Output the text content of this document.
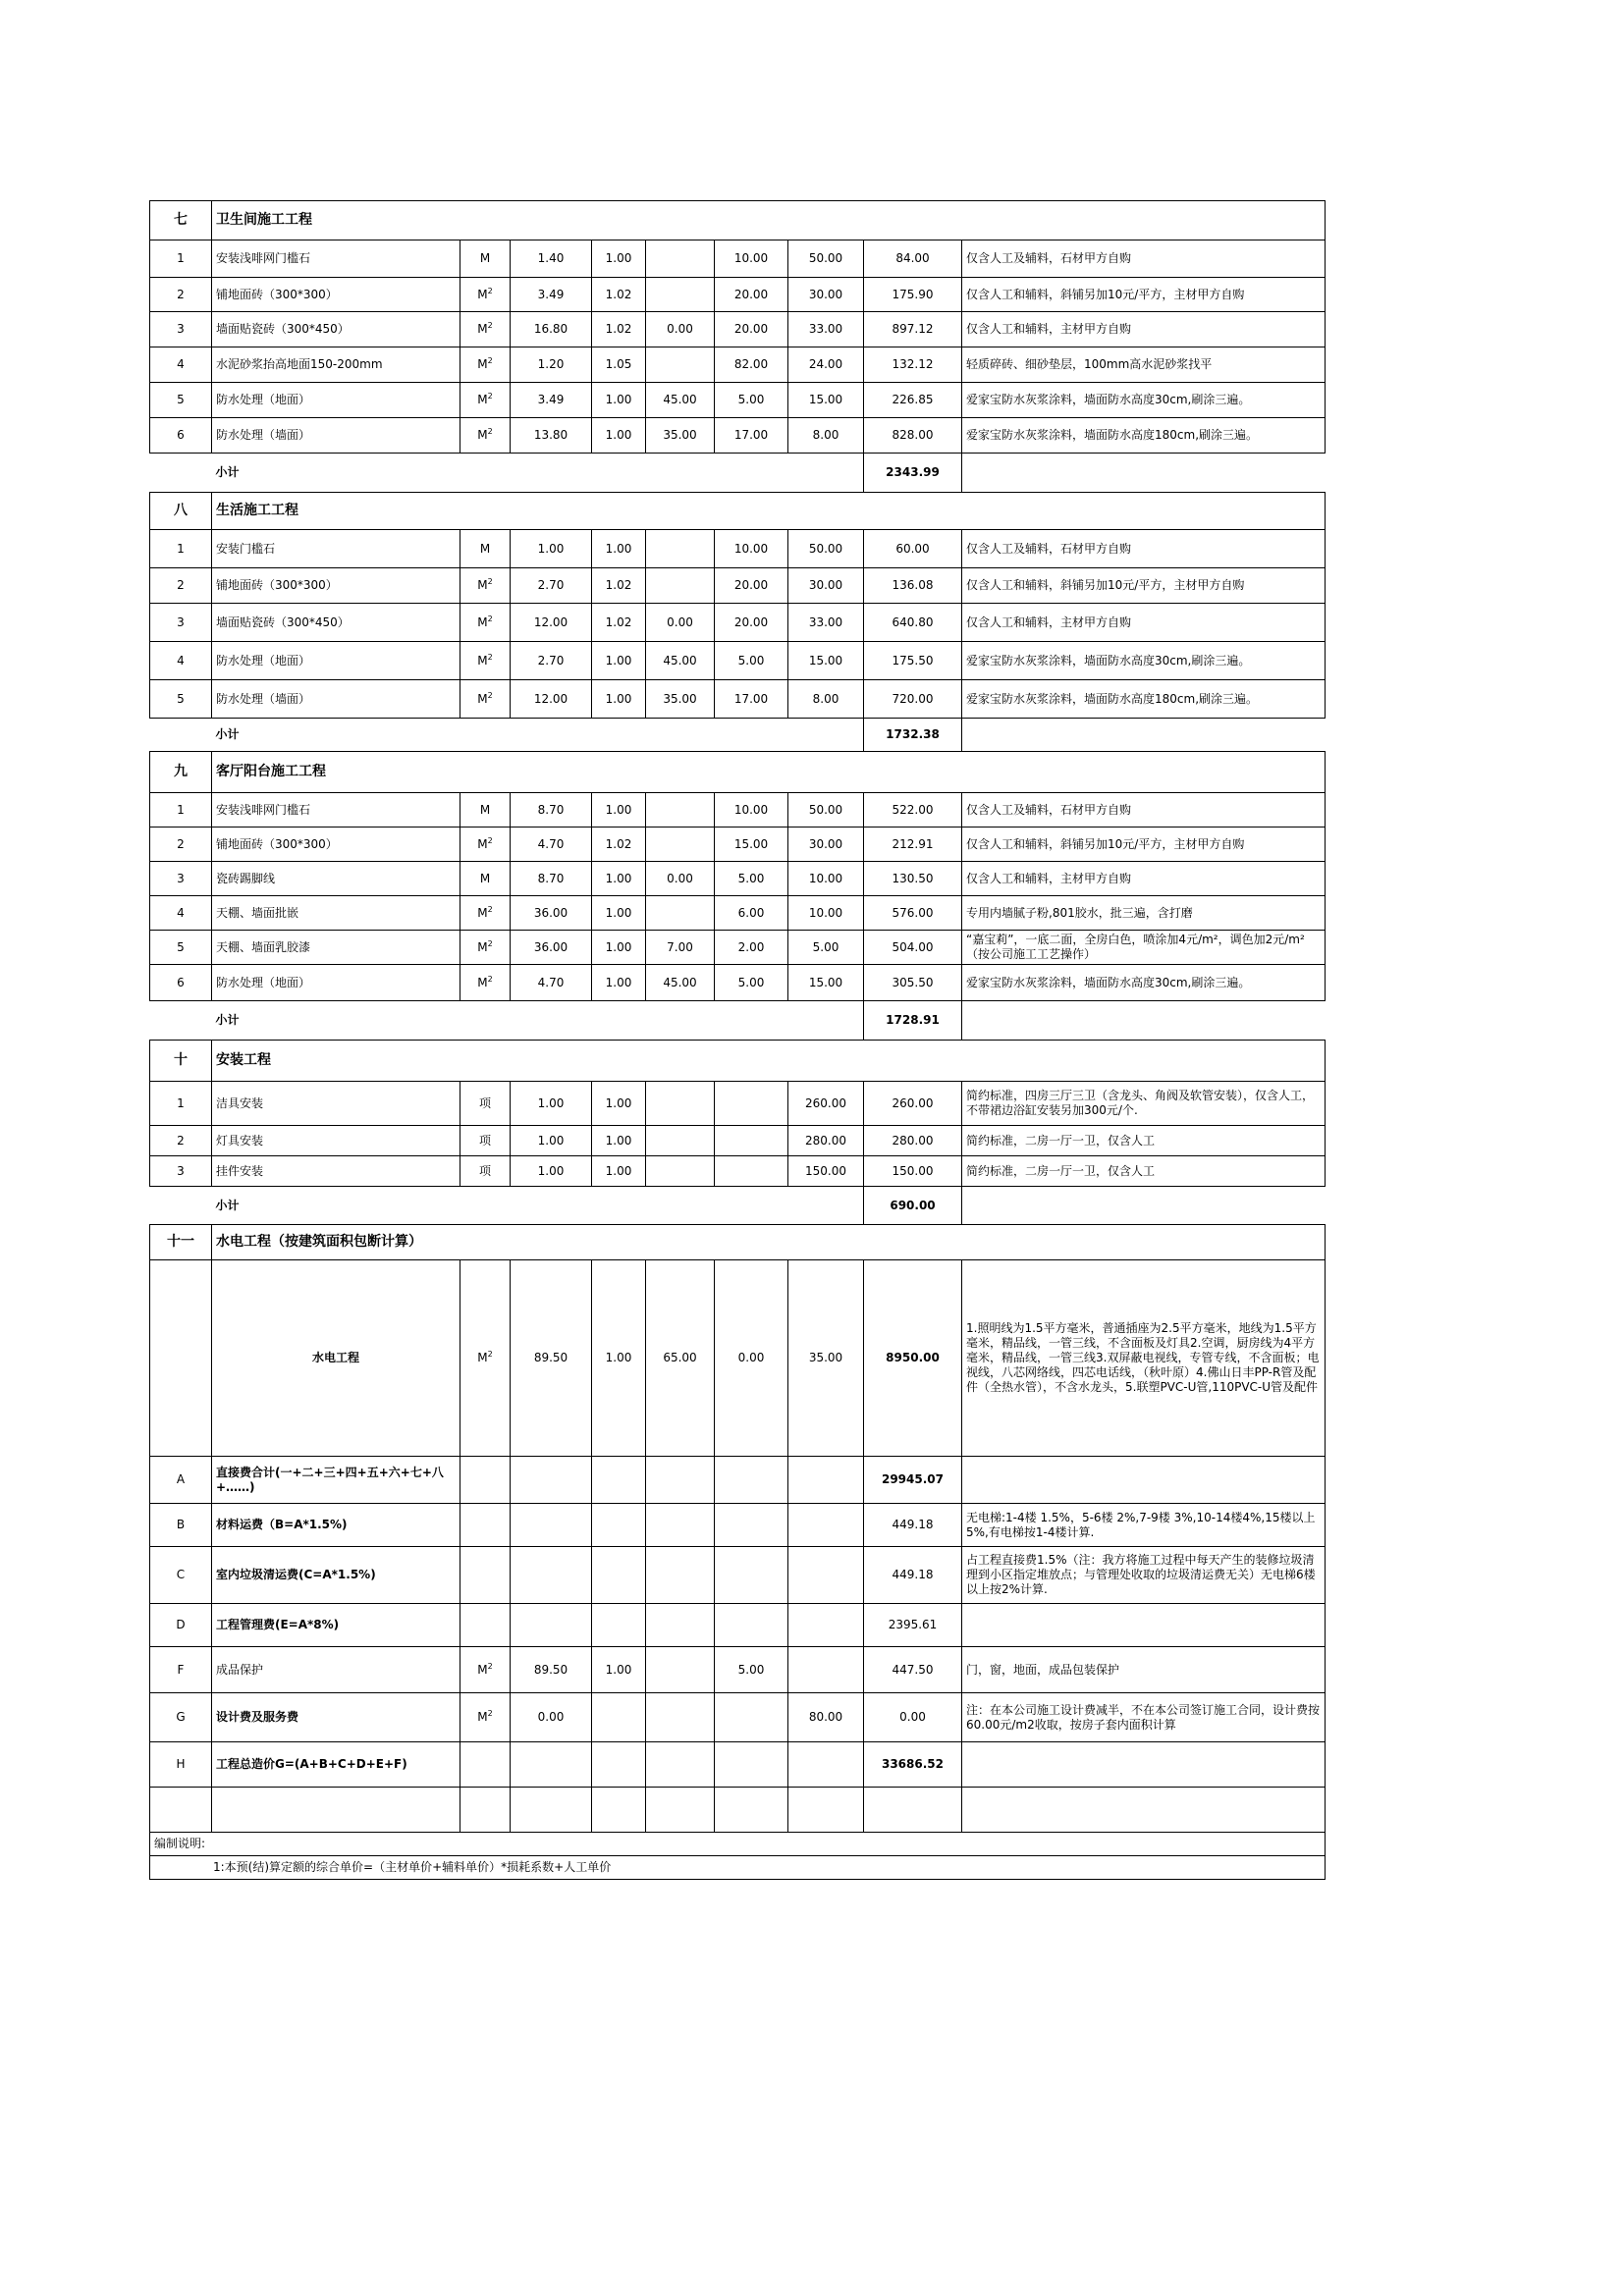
七	卫生间施工工程								
1	安装浅啡网门槛石	M	1.40	1.00		10.00	50.00	84.00	仅含人工及辅料，石材甲方自购
2	铺地面砖（300*300）	$M^2$	3.49	1.02		20.00	30.00	175.90	仅含人工和辅料，斜铺另加10元/平方，主材甲方自购
3	墙面贴瓷砖（300*450）	$M^2$	16.80	1.02	0.00	20.00	33.00	897.12	仅含人工和辅料，主材甲方自购
4	水泥砂浆抬高地面150-200mm	$M^2$	1.20	1.05		82.00	24.00	132.12	轻质碎砖、细砂垫层，100mm高水泥砂浆找平
5	防水处理（地面）	$M^2$	3.49	1.00	45.00	5.00	15.00	226.85	爱家宝防水灰浆涂料，墙面防水高度30cm,刷涂三遍。
6	防水处理（墙面）	$M^2$	13.80	1.00	35.00	17.00	8.00	828.00	爱家宝防水灰浆涂料，墙面防水高度180cm,刷涂三遍。
	小计							2343.99	
八	生活施工工程								
1	安装门槛石	M	1.00	1.00		10.00	50.00	60.00	仅含人工及辅料，石材甲方自购
2	铺地面砖（300*300）	$M^2$	2.70	1.02		20.00	30.00	136.08	仅含人工和辅料，斜铺另加10元/平方，主材甲方自购
3	墙面贴瓷砖（300*450）	$M^2$	12.00	1.02	0.00	20.00	33.00	640.80	仅含人工和辅料，主材甲方自购
4	防水处理（地面）	$M^2$	2.70	1.00	45.00	5.00	15.00	175.50	爱家宝防水灰浆涂料，墙面防水高度30cm,刷涂三遍。
5	防水处理（墙面）	$M^2$	12.00	1.00	35.00	17.00	8.00	720.00	爱家宝防水灰浆涂料，墙面防水高度180cm,刷涂三遍。
	小计							1732.38	
九	客厅阳台施工工程								
1	安装浅啡网门槛石	M	8.70	1.00		10.00	50.00	522.00	仅含人工及辅料，石材甲方自购
2	铺地面砖（300*300）	$M^2$	4.70	1.02		15.00	30.00	212.91	仅含人工和辅料，斜铺另加10元/平方，主材甲方自购
3	瓷砖踢脚线	M	8.70	1.00	0.00	5.00	10.00	130.50	仅含人工和辅料，主材甲方自购
4	天棚、墙面批嵌	$M^2$	36.00	1.00		6.00	10.00	576.00	专用内墙腻子粉,801胶水，批三遍，含打磨
5	天棚、墙面乳胶漆	$M^2$	36.00	1.00	7.00	2.00	5.00	504.00	“嘉宝莉”，一底二面，全房白色，喷涂加4元/m²，调色加2元/m²（按公司施工工艺操作）
6	防水处理（地面）	$M^2$	4.70	1.00	45.00	5.00	15.00	305.50	爱家宝防水灰浆涂料，墙面防水高度30cm,刷涂三遍。
	小计							1728.91	
十	安装工程								
1	洁具安装	项	1.00	1.00			260.00	260.00	简约标准，四房三厅三卫（含龙头、角阀及软管安装），仅含人工，不带裙边浴缸安装另加300元/个.
2	灯具安装	项	1.00	1.00			280.00	280.00	简约标准，二房一厅一卫，仅含人工
3	挂件安装	项	1.00	1.00			150.00	150.00	简约标准，二房一厅一卫，仅含人工
	小计							690.00	
十一	水电工程（按建筑面积包断计算）								
	水电工程	$M^2$	89.50	1.00	65.00	0.00	35.00	8950.00	1.照明线为1.5平方毫米，普通插座为2.5平方毫米，地线为1.5平方毫米，精品线，一管三线，不含面板及灯具2.空调，厨房线为4平方毫米，精品线，一管三线3.双屏蔽电视线，专管专线，不含面板；电视线，八芯网络线，四芯电话线，（秋叶原）4.佛山日丰PP-R管及配件（全热水管），不含水龙头，5.联塑PVC-U管,110PVC-U管及配件
A	直接费合计(一+二+三+四+五+六+七+八+……)							29945.07	
B	材料运费（B=A*1.5%)							449.18	无电梯:1-4楼 1.5%，5-6楼 2%,7-9楼 3%,10-14楼4%,15楼以上5%,有电梯按1-4楼计算.
C	室内垃圾清运费(C=A*1.5%)							449.18	占工程直接费1.5%（注：我方将施工过程中每天产生的装修垃圾清理到小区指定堆放点；与管理处收取的垃圾清运费无关）无电梯6楼以上按2%计算.
D	工程管理费(E=A*8%)							2395.61	
F	成品保护	$M^2$	89.50	1.00		5.00		447.50	门，窗，地面，成品包装保护
G	设计费及服务费	$M^2$	0.00				80.00	0.00	注：在本公司施工设计费减半，不在本公司签订施工合同，设计费按60.00元/m2收取，按房子套内面积计算
H	工程总造价G=(A+B+C+D+E+F)							33686.52	

编制说明:									
1:本预(结)算定额的综合单价=（主材单价+辅料单价）*损耗系数+人工单价									
